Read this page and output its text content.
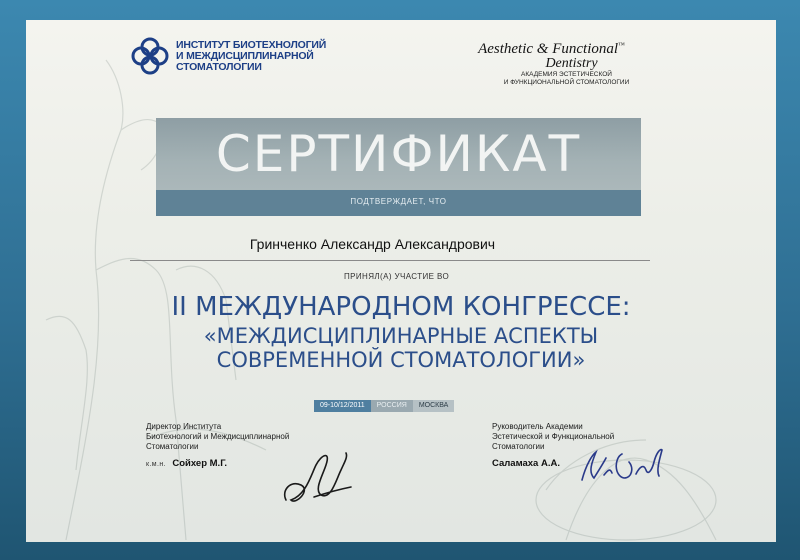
ИНСТИТУТ БИОТЕХНОЛОГИЙ
И МЕЖДИСЦИПЛИНАРНОЙ
СТОМАТОЛОГИИ
Aesthetic & Functional™
Dentistry
АКАДЕМИЯ ЭСТЕТИЧЕСКОЙ
И ФУНКЦИОНАЛЬНОЙ СТОМАТОЛОГИИ
СЕРТИФИКАТ
ПОДТВЕРЖДАЕТ, ЧТО
Гринченко Александр Александрович
ПРИНЯЛ(А) УЧАСТИЕ ВО
II МЕЖДУНАРОДНОМ КОНГРЕССЕ:
«МЕЖДИСЦИПЛИНАРНЫЕ АСПЕКТЫ
СОВРЕМЕННОЙ СТОМАТОЛОГИИ»
09-10/12/2011	РОССИЯ	МОСКВА
Директор Института
Биотехнологий и Междисциплинарной
Стоматологии
к.м.н. Сойхер М.Г.
Руководитель Академии
Эстетической и Функциональной
Стоматологии
Саламаха А.А.
